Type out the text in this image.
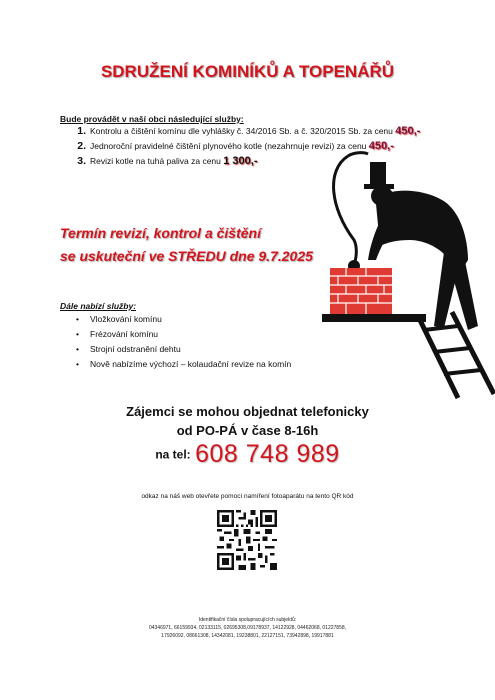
SDRUŽENÍ KOMINÍKŮ A TOPENÁŘŮ
Bude provádět v naší obci následující služby:
1. Kontrolu a čištění komínu dle vyhlášky č. 34/2016 Sb. a č. 320/2015 Sb. za cenu 450,-
2. Jednoroční pravidelné čištění plynového kotle (nezahrnuje revizi) za cenu 450,-
3. Revizi kotle na tuhá paliva za cenu 1 300,-
Termín revizí, kontrol a čištění
se uskuteční ve STŘEDU dne 9.7.2025
Dále nabízí služby:
• Vložkování komínu
• Frézování komínu
• Strojní odstranění dehtu
• Nově nabízíme výchozí – kolaudační revize na komín
Zájemci se mohou objednat telefonicky
od PO-PÁ v čase 8-16h
na tel: 608 748 989
odkaz na náš web otevřete pomocí namíření fotoaparátu na tento QR kód
Identifikační čísla spolupracujících subjektů:
04346971, 66159934, 02133115, 02695308,09178937, 14122928, 04462068, 01227858,
17926092, 08661308, 14342081, 19238801, 22127151, 73942898, 19917881
